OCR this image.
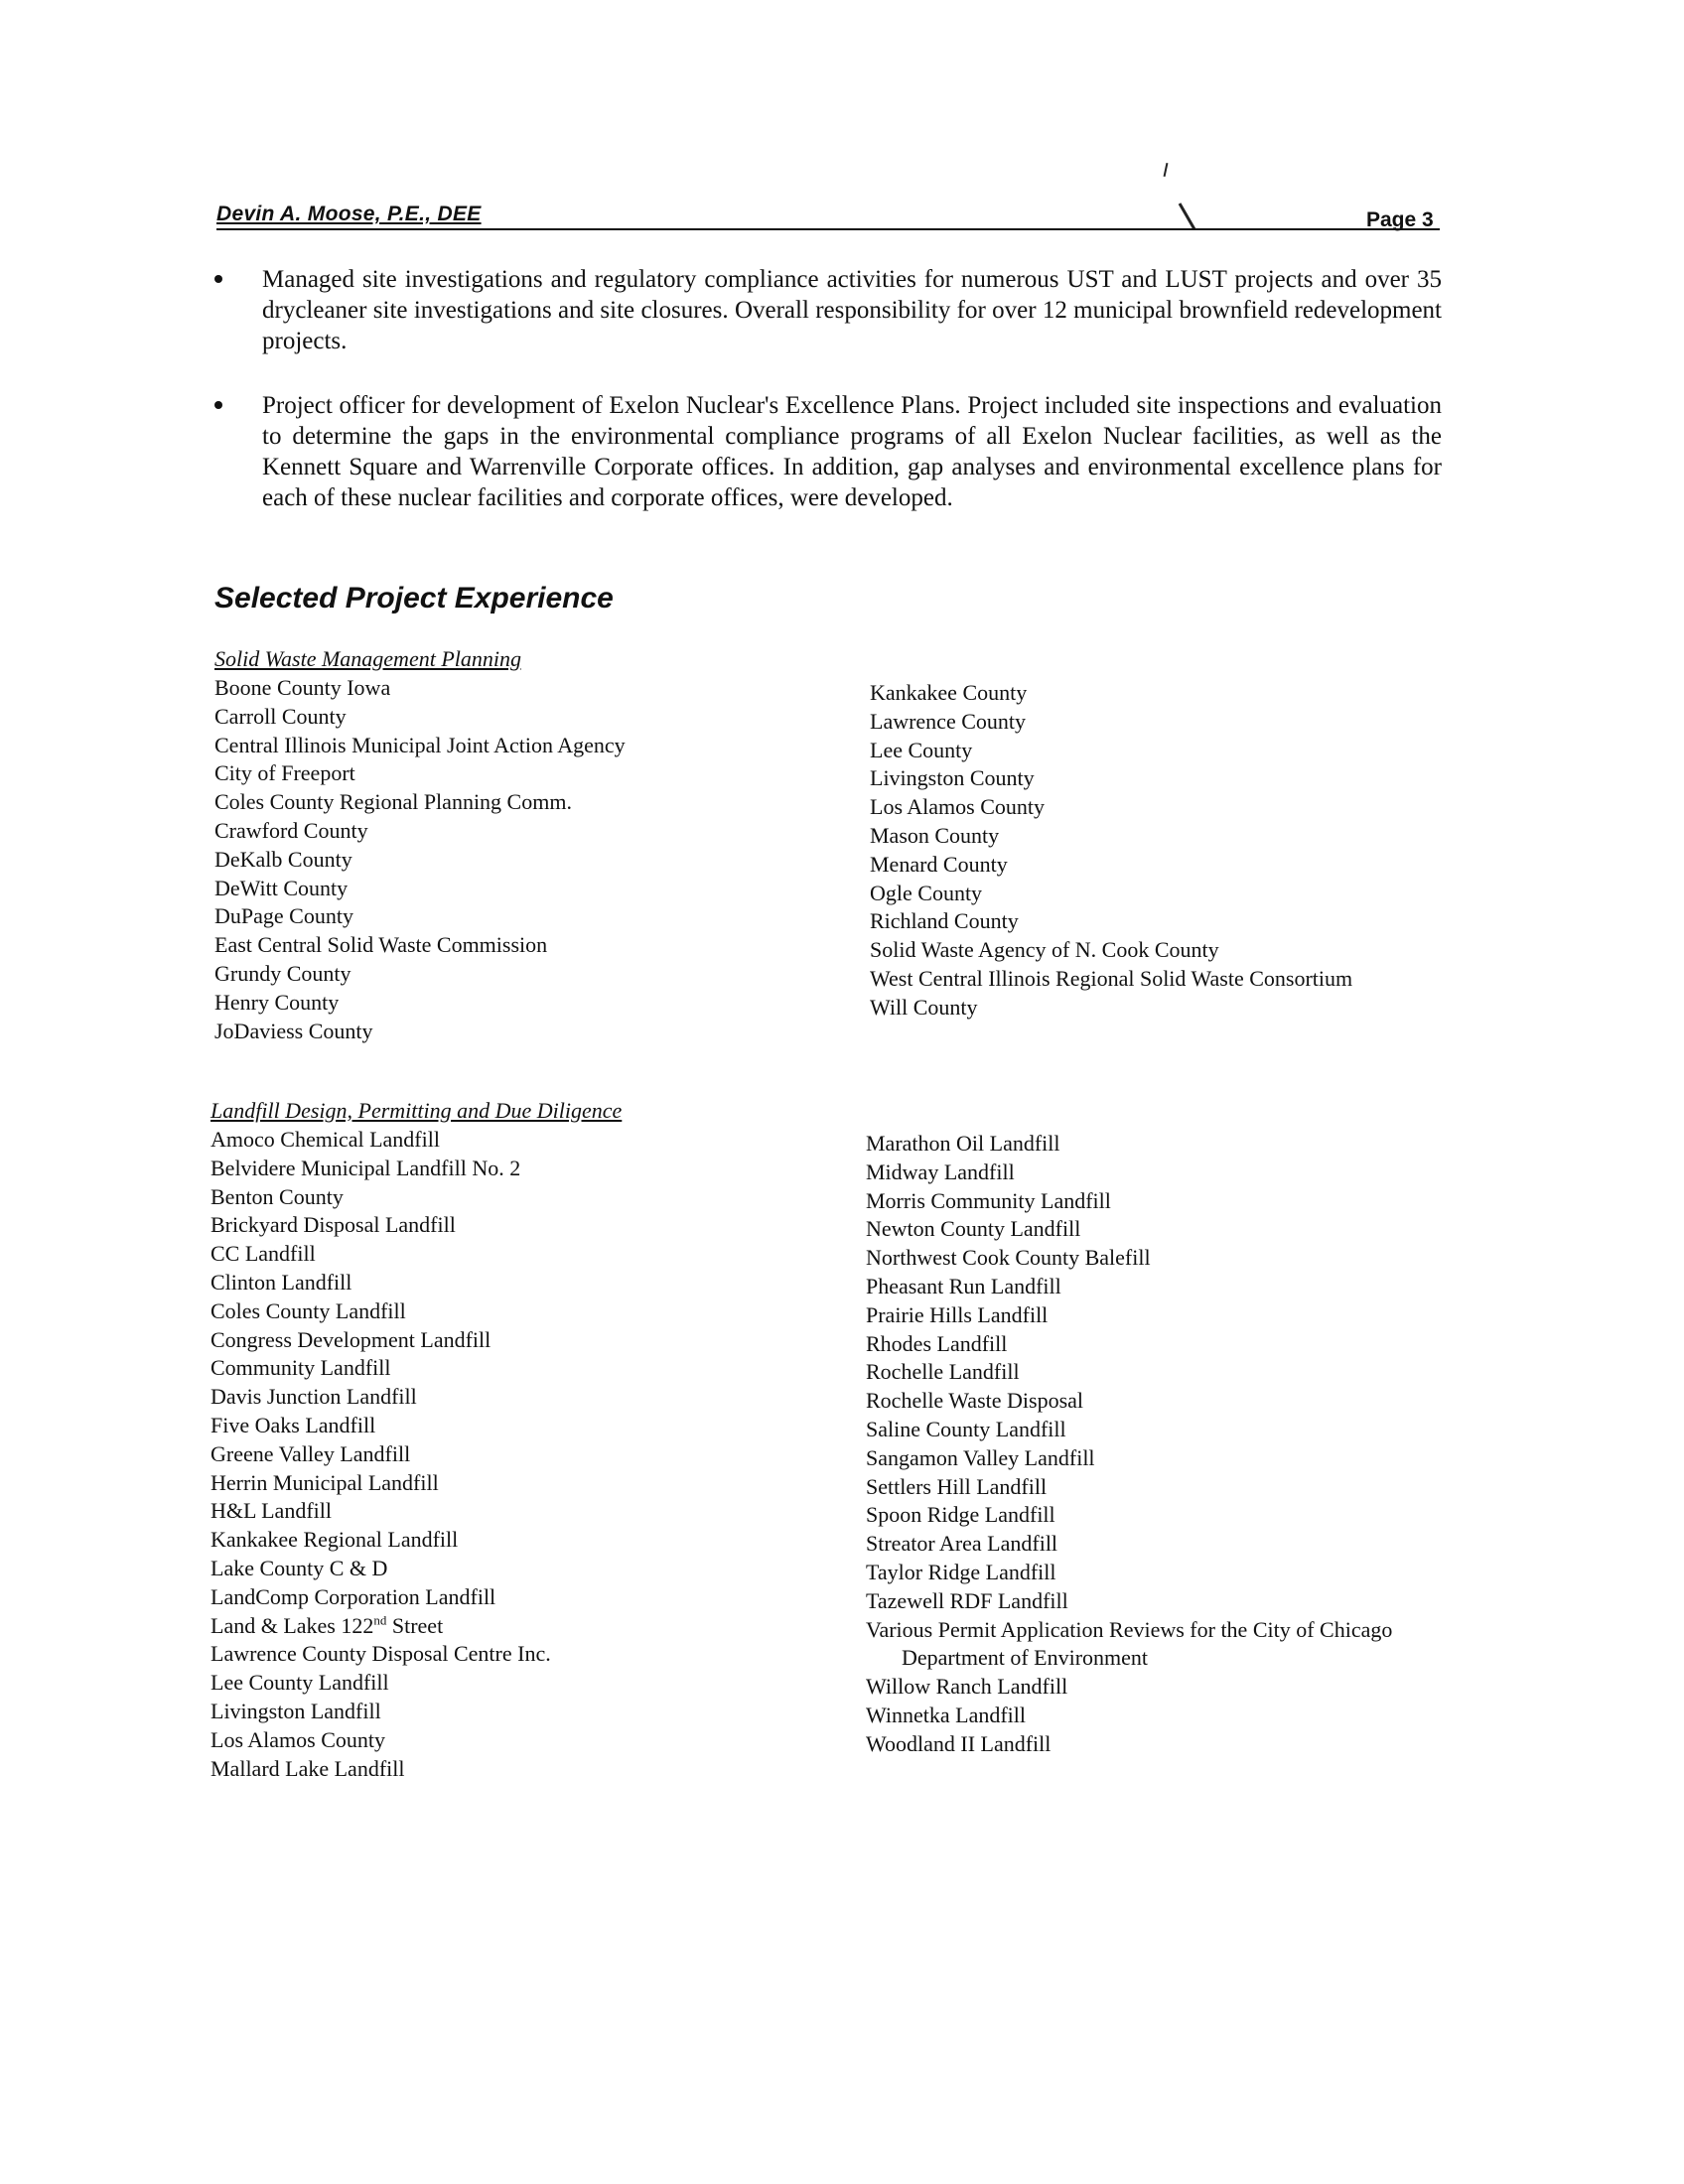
Devin A. Moose, P.E., DEE	Page 3
Managed site investigations and regulatory compliance activities for numerous UST and LUST projects and over 35 drycleaner site investigations and site closures. Overall responsibility for over 12 municipal brownfield redevelopment projects.
Project officer for development of Exelon Nuclear's Excellence Plans. Project included site inspections and evaluation to determine the gaps in the environmental compliance programs of all Exelon Nuclear facilities, as well as the Kennett Square and Warrenville Corporate offices. In addition, gap analyses and environmental excellence plans for each of these nuclear facilities and corporate offices, were developed.
Selected Project Experience
Solid Waste Management Planning
Boone County Iowa
Carroll County
Central Illinois Municipal Joint Action Agency
City of Freeport
Coles County Regional Planning Comm.
Crawford County
DeKalb County
DeWitt County
DuPage County
East Central Solid Waste Commission
Grundy County
Henry County
JoDaviess County
Kankakee County
Lawrence County
Lee County
Livingston County
Los Alamos County
Mason County
Menard County
Ogle County
Richland County
Solid Waste Agency of N. Cook County
West Central Illinois Regional Solid Waste Consortium
Will County
Landfill Design, Permitting and Due Diligence
Amoco Chemical Landfill
Belvidere Municipal Landfill No. 2
Benton County
Brickyard Disposal Landfill
CC Landfill
Clinton Landfill
Coles County Landfill
Congress Development Landfill
Community Landfill
Davis Junction Landfill
Five Oaks Landfill
Greene Valley Landfill
Herrin Municipal Landfill
H&L Landfill
Kankakee Regional Landfill
Lake County C & D
LandComp Corporation Landfill
Land & Lakes 122nd Street
Lawrence County Disposal Centre Inc.
Lee County Landfill
Livingston Landfill
Los Alamos County
Mallard Lake Landfill
Marathon Oil Landfill
Midway Landfill
Morris Community Landfill
Newton County Landfill
Northwest Cook County Balefill
Pheasant Run Landfill
Prairie Hills Landfill
Rhodes Landfill
Rochelle Landfill
Rochelle Waste Disposal
Saline County Landfill
Sangamon Valley Landfill
Settlers Hill Landfill
Spoon Ridge Landfill
Streator Area Landfill
Taylor Ridge Landfill
Tazewell RDF Landfill
Various Permit Application Reviews for the City of Chicago
Department of Environment
Willow Ranch Landfill
Winnetka Landfill
Woodland II Landfill
